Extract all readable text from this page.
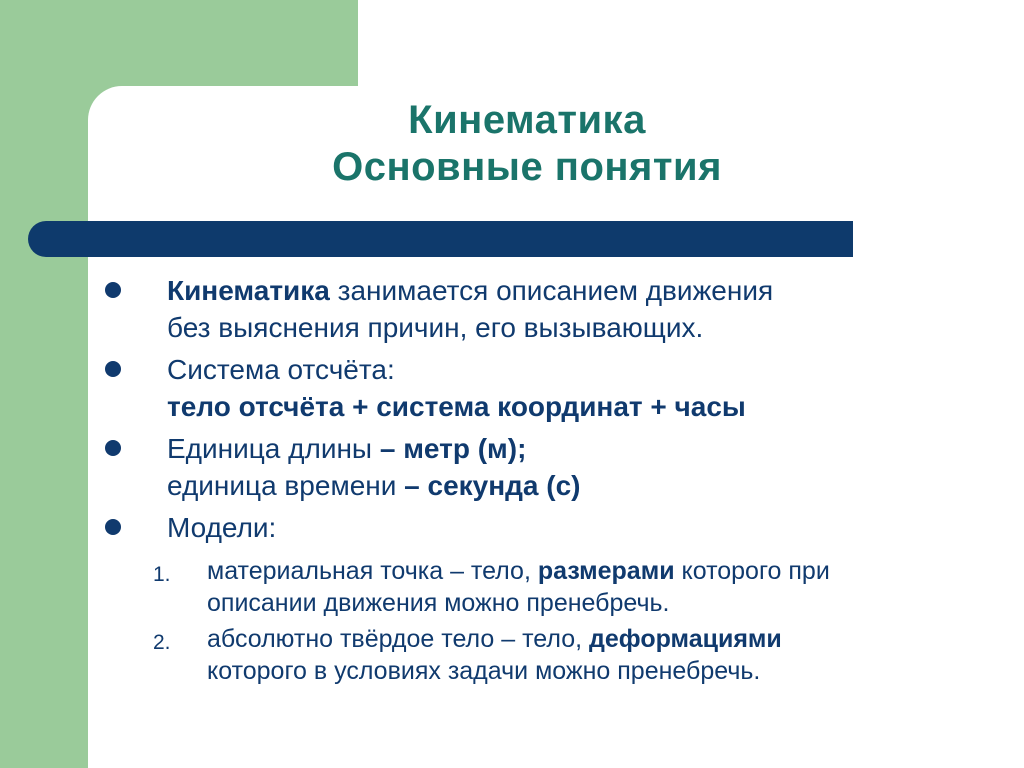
Кинематика
Основные понятия
Кинематика занимается описанием движения
без выяснения причин, его вызывающих.
Система отсчёта:
тело отсчёта + система координат + часы
Единица длины – метр (м);
единица времени – секунда (с)
Модели:
1.	материальная точка – тело, размерами которого при
описании движения можно пренебречь.
2.	абсолютно твёрдое тело – тело, деформациями
которого в условиях задачи можно пренебречь.
